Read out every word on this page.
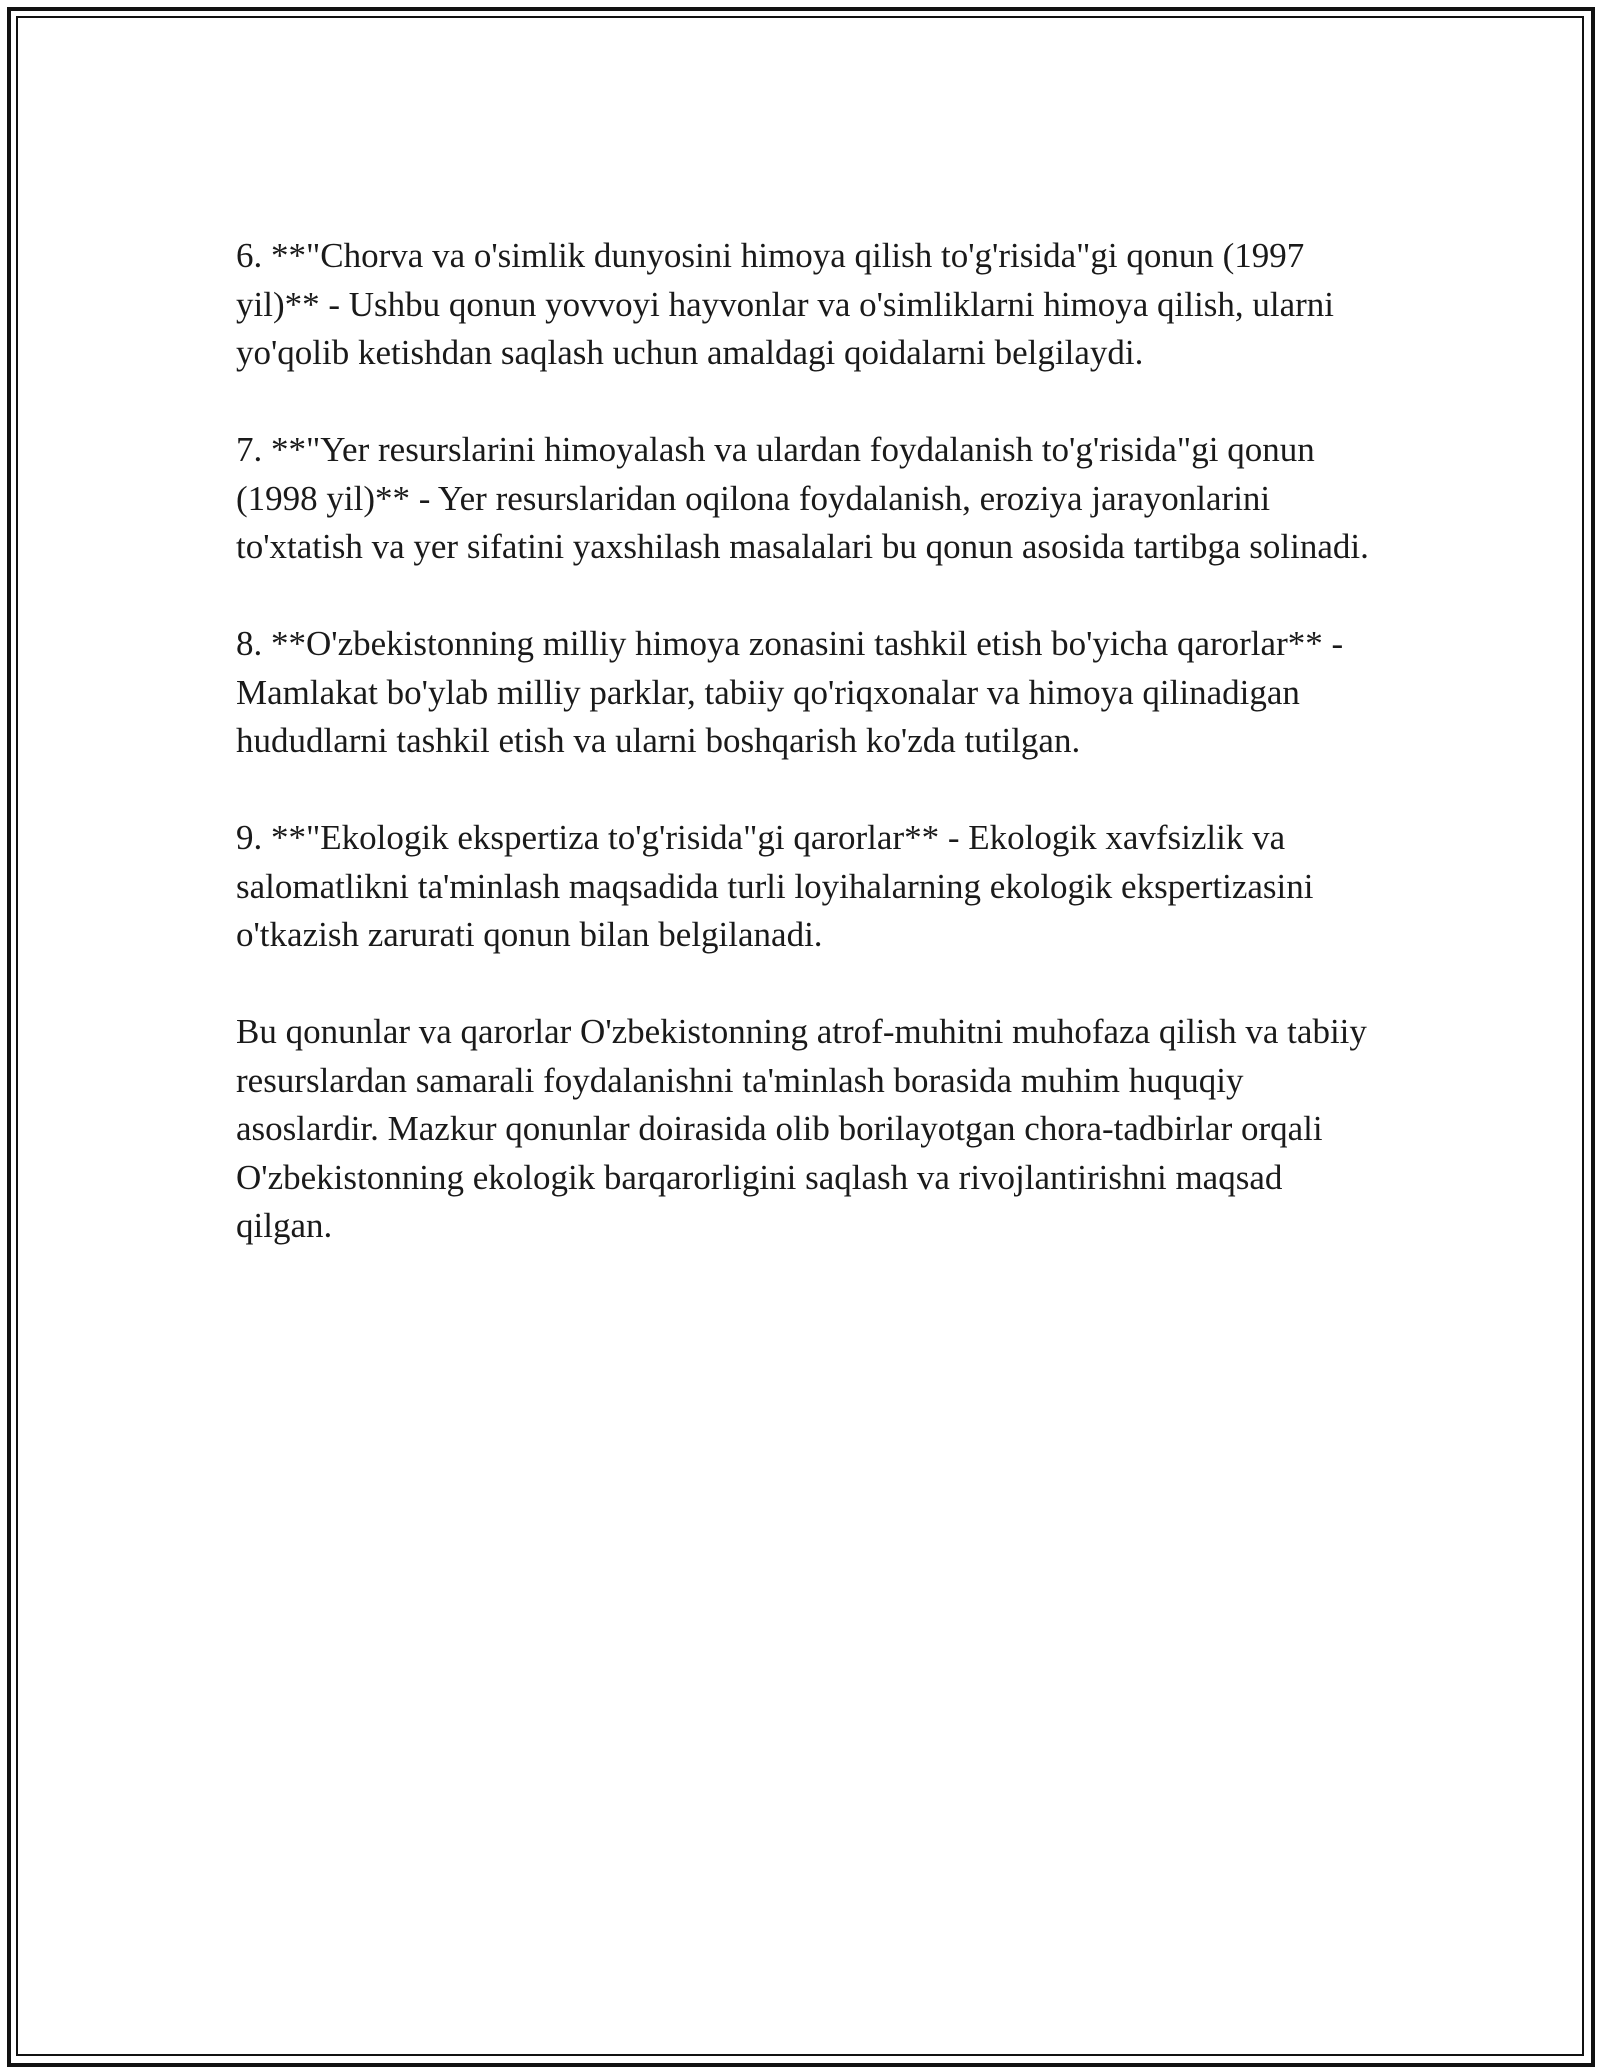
6. **"Chorva va o'simlik dunyosini himoya qilish to'g'risida"gi qonun (1997 yil)** - Ushbu qonun yovvoyi hayvonlar va o'simliklarni himoya qilish, ularni yo'qolib ketishdan saqlash uchun amaldagi qoidalarni belgilaydi.

7. **"Yer resurslarini himoyalash va ulardan foydalanish to'g'risida"gi qonun (1998 yil)** - Yer resurslaridan oqilona foydalanish, eroziya jarayonlarini to'xtatish va yer sifatini yaxshilash masalalari bu qonun asosida tartibga solinadi.

8. **O'zbekistonning milliy himoya zonasini tashkil etish bo'yicha qarorlar** - Mamlakat bo'ylab milliy parklar, tabiiy qo'riqxonalar va himoya qilinadigan hududlarni tashkil etish va ularni boshqarish ko'zda tutilgan.

9. **"Ekologik ekspertiza to'g'risida"gi qarorlar** - Ekologik xavfsizlik va salomatlikni ta'minlash maqsadida turli loyihalarning ekologik ekspertizasini o'tkazish zarurati qonun bilan belgilanadi.

Bu qonunlar va qarorlar O'zbekistonning atrof-muhitni muhofaza qilish va tabiiy resurslardan samarali foydalanishni ta'minlash borasida muhim huquqiy asoslardir. Mazkur qonunlar doirasida olib borilayotgan chora-tadbirlar orqali O'zbekistonning ekologik barqarorligini saqlash va rivojlantirishni maqsad qilgan.
